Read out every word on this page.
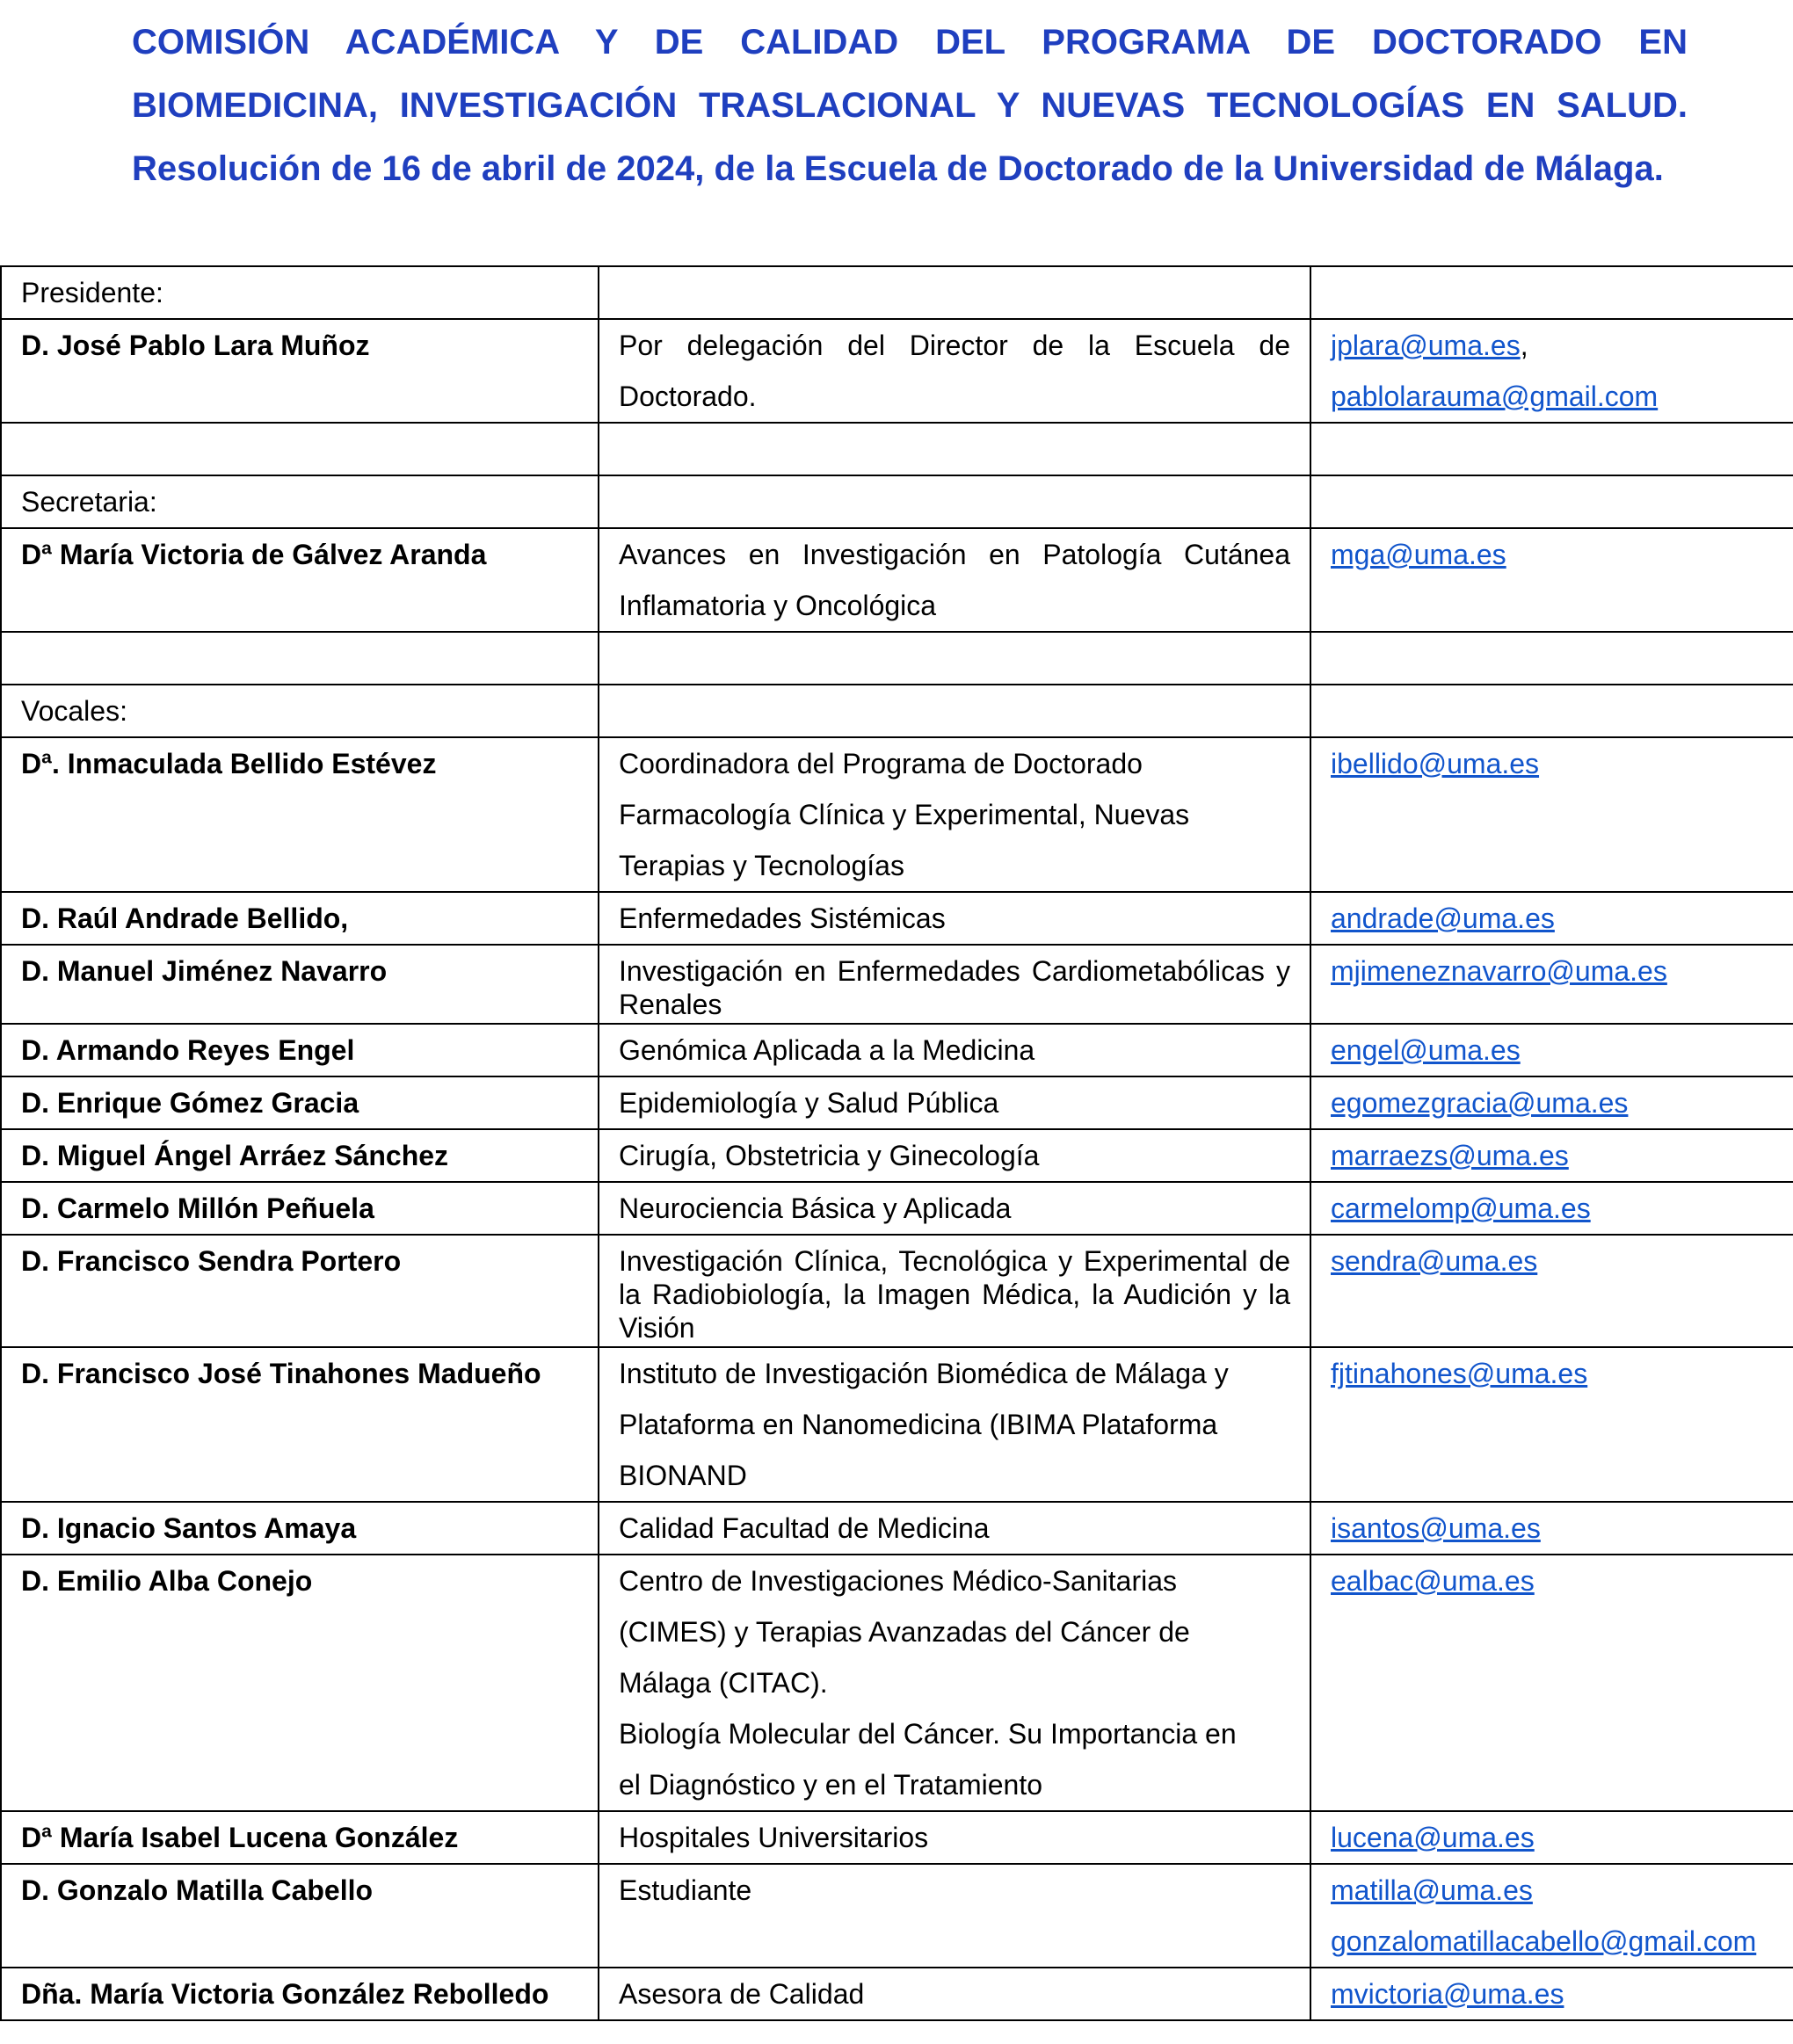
COMISIÓN ACADÉMICA Y DE CALIDAD DEL PROGRAMA DE DOCTORADO EN
BIOMEDICINA, INVESTIGACIÓN TRASLACIONAL Y NUEVAS TECNOLOGÍAS EN SALUD.
Resolución de 16 de abril de 2024, de la Escuela de Doctorado de la Universidad de Málaga.
Presidente:		
D. José Pablo Lara Muñoz	Por delegación del Director de la Escuela de Doctorado.	jplara@uma.es,
pablolarauma@gmail.com

Secretaria:		
Dª María Victoria de Gálvez Aranda	Avances en Investigación en Patología Cutánea Inflamatoria y Oncológica	mga@uma.es

Vocales:		
Dª. Inmaculada Bellido Estévez	Coordinadora del Programa de Doctorado
Farmacología Clínica y Experimental, Nuevas
Terapias y Tecnologías	ibellido@uma.es
D. Raúl Andrade Bellido,	Enfermedades Sistémicas	andrade@uma.es
D. Manuel Jiménez Navarro	Investigación en Enfermedades Cardiometabólicas y Renales	mjimeneznavarro@uma.es
D. Armando Reyes Engel	Genómica Aplicada a la Medicina	engel@uma.es
D. Enrique Gómez Gracia	Epidemiología y Salud Pública	egomezgracia@uma.es
D. Miguel Ángel Arráez Sánchez	Cirugía, Obstetricia y Ginecología	marraezs@uma.es
D. Carmelo Millón Peñuela	Neurociencia Básica y Aplicada	carmelomp@uma.es
D. Francisco Sendra Portero	Investigación Clínica, Tecnológica y Experimental de la Radiobiología, la Imagen Médica, la Audición y la Visión	sendra@uma.es
D. Francisco José Tinahones Madueño	Instituto de Investigación Biomédica de Málaga y
Plataforma en Nanomedicina (IBIMA Plataforma
BIONAND	fjtinahones@uma.es
D. Ignacio Santos Amaya	Calidad Facultad de Medicina	isantos@uma.es
D. Emilio Alba Conejo	Centro de Investigaciones Médico-Sanitarias
(CIMES) y Terapias Avanzadas del Cáncer de
Málaga (CITAC).
Biología Molecular del Cáncer. Su Importancia en
el Diagnóstico y en el Tratamiento	ealbac@uma.es
Dª María Isabel Lucena González	Hospitales Universitarios	lucena@uma.es
D. Gonzalo Matilla Cabello	Estudiante	matilla@uma.es
gonzalomatillacabello@gmail.com
Dña. María Victoria González Rebolledo	Asesora de Calidad	mvictoria@uma.es
